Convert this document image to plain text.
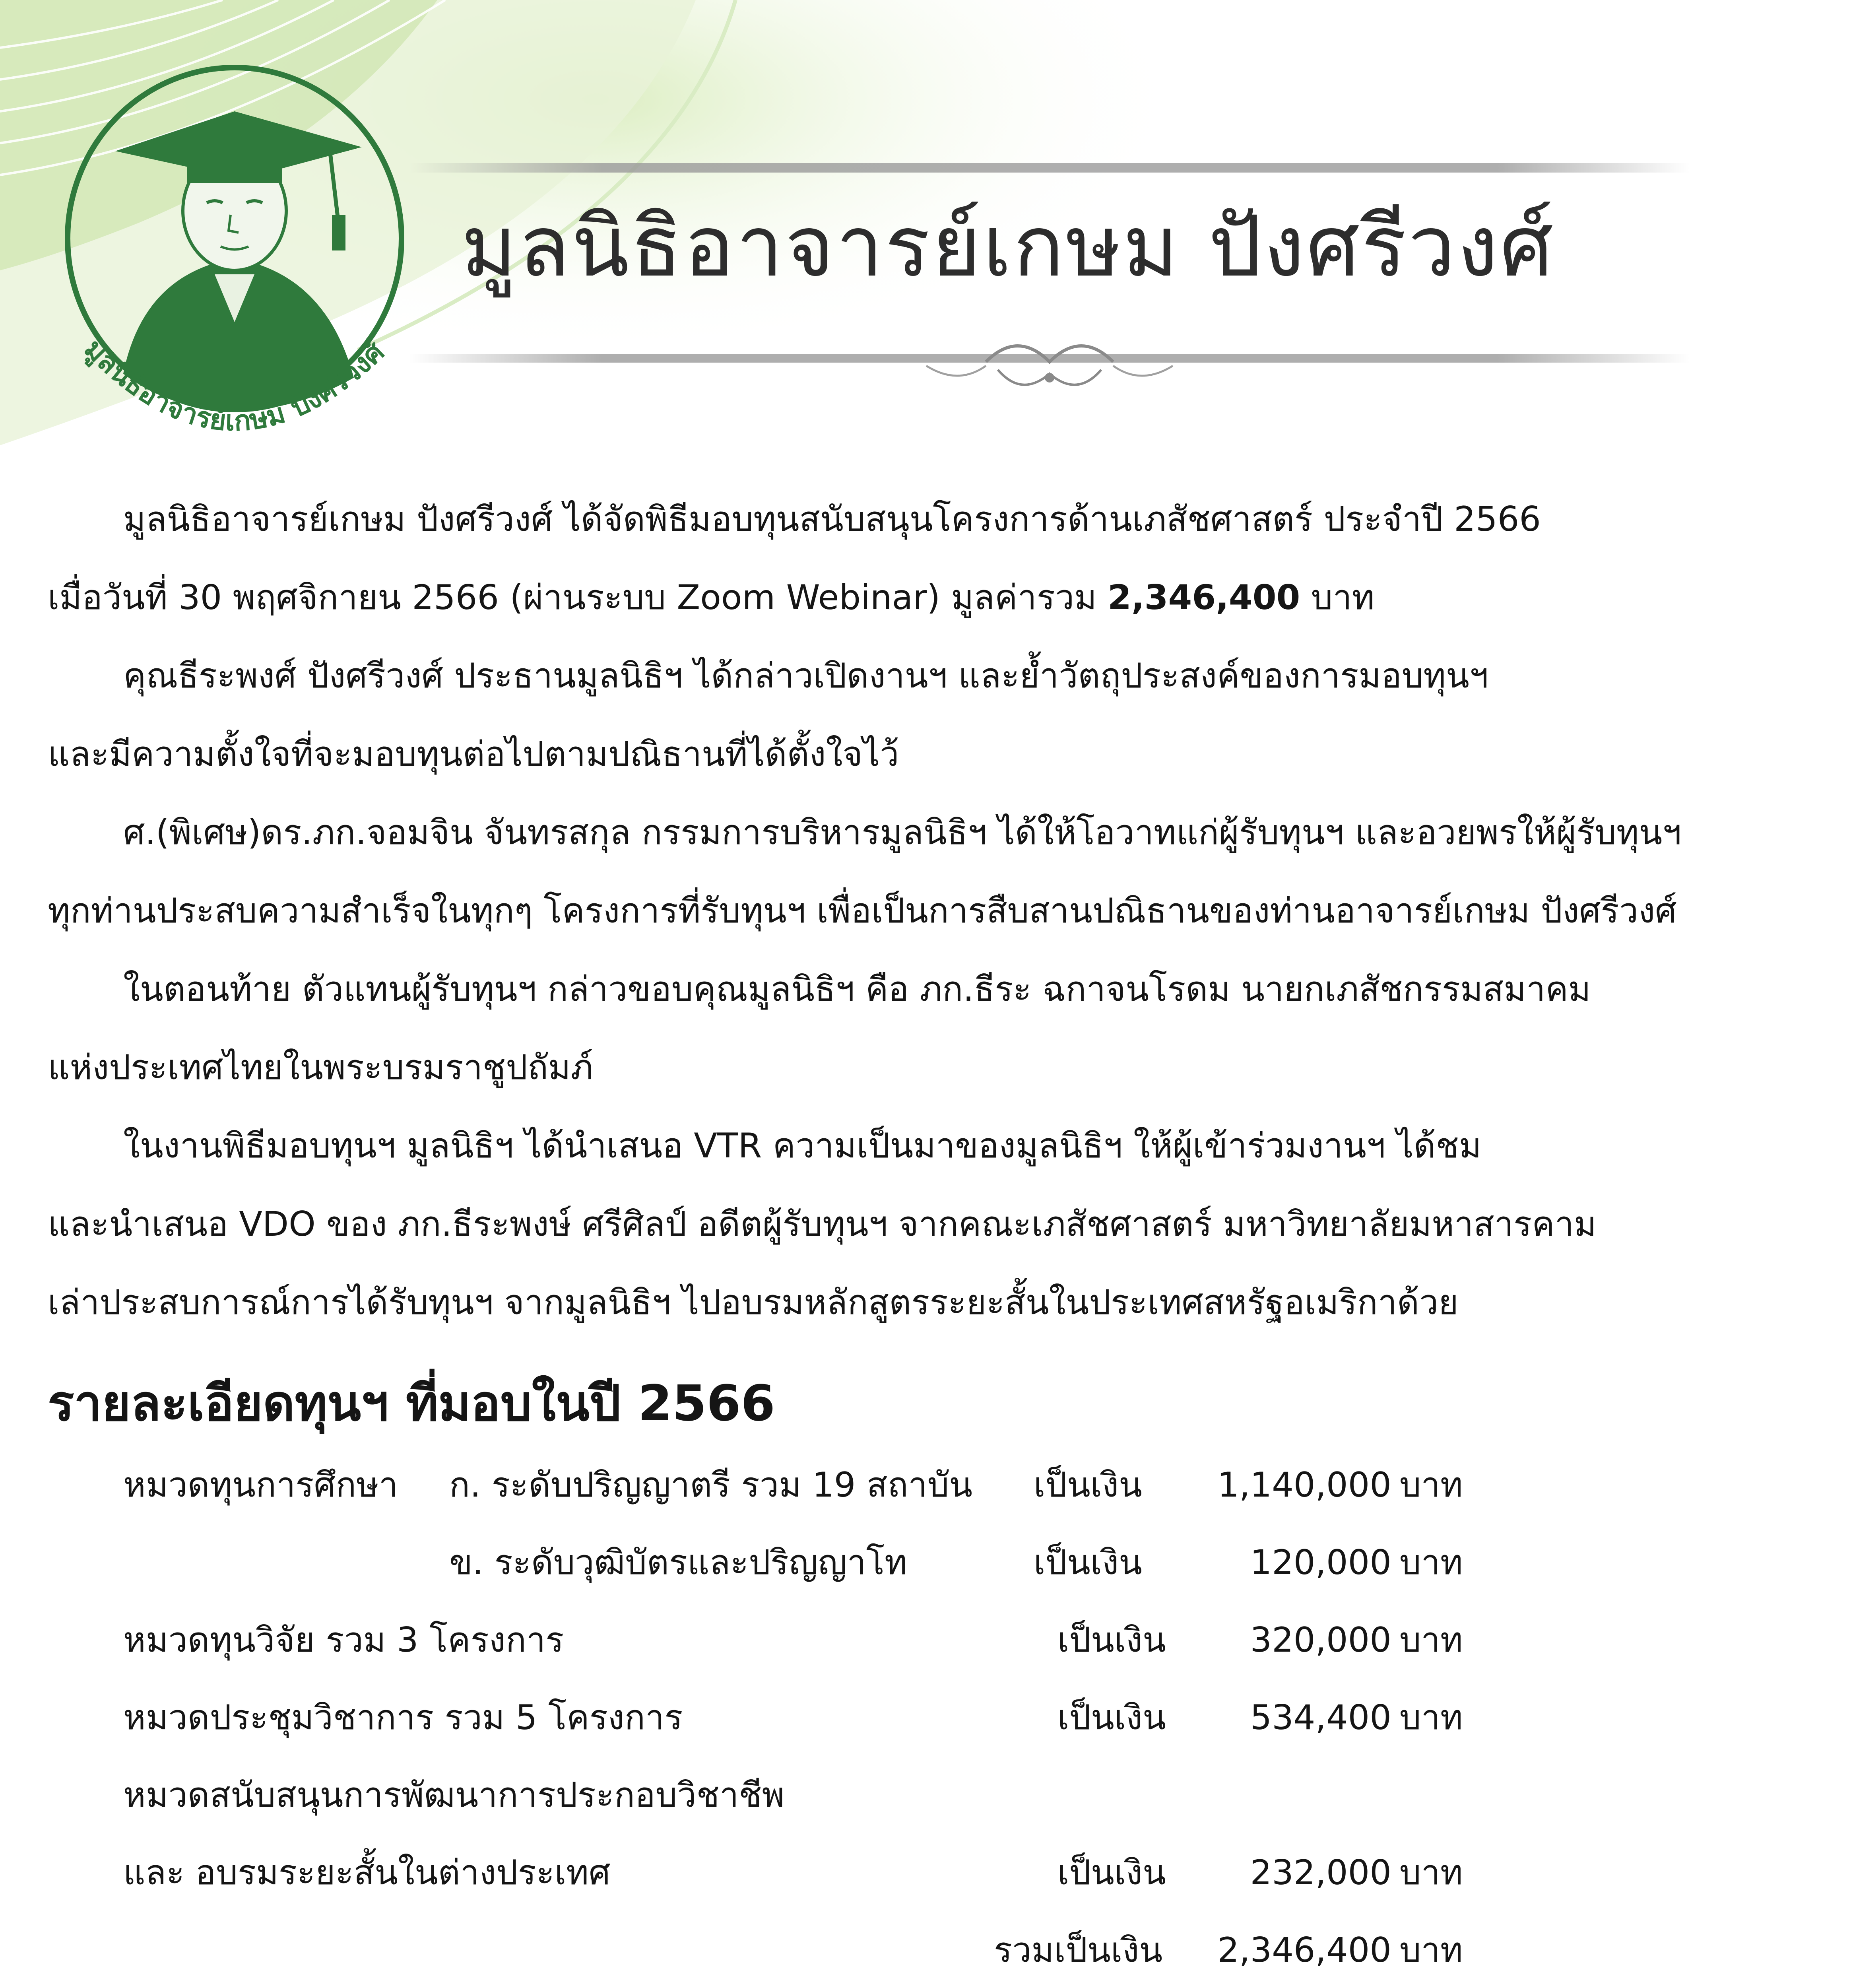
มูลนิธิอาจารย์เกษม ปังศรีวงศ์
มูลนิธิอาจารย์เกษม ปังศรีวงศ์
มูลนิธิอาจารย์เกษม ปังศรีวงศ์ ได้จัดพิธีมอบทุนสนับสนุนโครงการด้านเภสัชศาสตร์ ประจำปี 2566
เมื่อวันที่ 30 พฤศจิกายน 2566 (ผ่านระบบ Zoom Webinar) มูลค่ารวม 2,346,400 บาท
คุณธีระพงศ์ ปังศรีวงศ์ ประธานมูลนิธิฯ ได้กล่าวเปิดงานฯ และย้ำวัตถุประสงค์ของการมอบทุนฯ
และมีความตั้งใจที่จะมอบทุนต่อไปตามปณิธานที่ได้ตั้งใจไว้
ศ.(พิเศษ)ดร.ภก.จอมจิน จันทรสกุล กรรมการบริหารมูลนิธิฯ ได้ให้โอวาทแก่ผู้รับทุนฯ และอวยพรให้ผู้รับทุนฯ
ทุกท่านประสบความสำเร็จในทุกๆ โครงการที่รับทุนฯ เพื่อเป็นการสืบสานปณิธานของท่านอาจารย์เกษม ปังศรีวงศ์
ในตอนท้าย ตัวแทนผู้รับทุนฯ กล่าวขอบคุณมูลนิธิฯ คือ ภก.ธีระ ฉกาจนโรดม นายกเภสัชกรรมสมาคม
แห่งประเทศไทยในพระบรมราชูปถัมภ์
ในงานพิธีมอบทุนฯ มูลนิธิฯ ได้นำเสนอ VTR ความเป็นมาของมูลนิธิฯ ให้ผู้เข้าร่วมงานฯ ได้ชม
และนำเสนอ VDO ของ ภก.ธีระพงษ์ ศรีศิลป์ อดีตผู้รับทุนฯ จากคณะเภสัชศาสตร์ มหาวิทยาลัยมหาสารคาม
เล่าประสบการณ์การได้รับทุนฯ จากมูลนิธิฯ ไปอบรมหลักสูตรระยะสั้นในประเทศสหรัฐอเมริกาด้วย
รายละเอียดทุนฯ ที่มอบในปี 2566
หมวดทุนการศึกษา ก. ระดับปริญญาตรี รวม 19 สถาบัน เป็นเงิน	1,140,000 บาท
ข. ระดับวุฒิบัตรและปริญญาโท	เป็นเงิน	120,000 บาท
หมวดทุนวิจัย รวม 3 โครงการ	เป็นเงิน	320,000 บาท
หมวดประชุมวิชาการ รวม 5 โครงการ	เป็นเงิน	534,400 บาท
หมวดสนับสนุนการพัฒนาการประกอบวิชาชีพ
และ อบรมระยะสั้นในต่างประเทศ	เป็นเงิน	232,000 บาท
รวมเป็นเงิน	2,346,400 บาท
